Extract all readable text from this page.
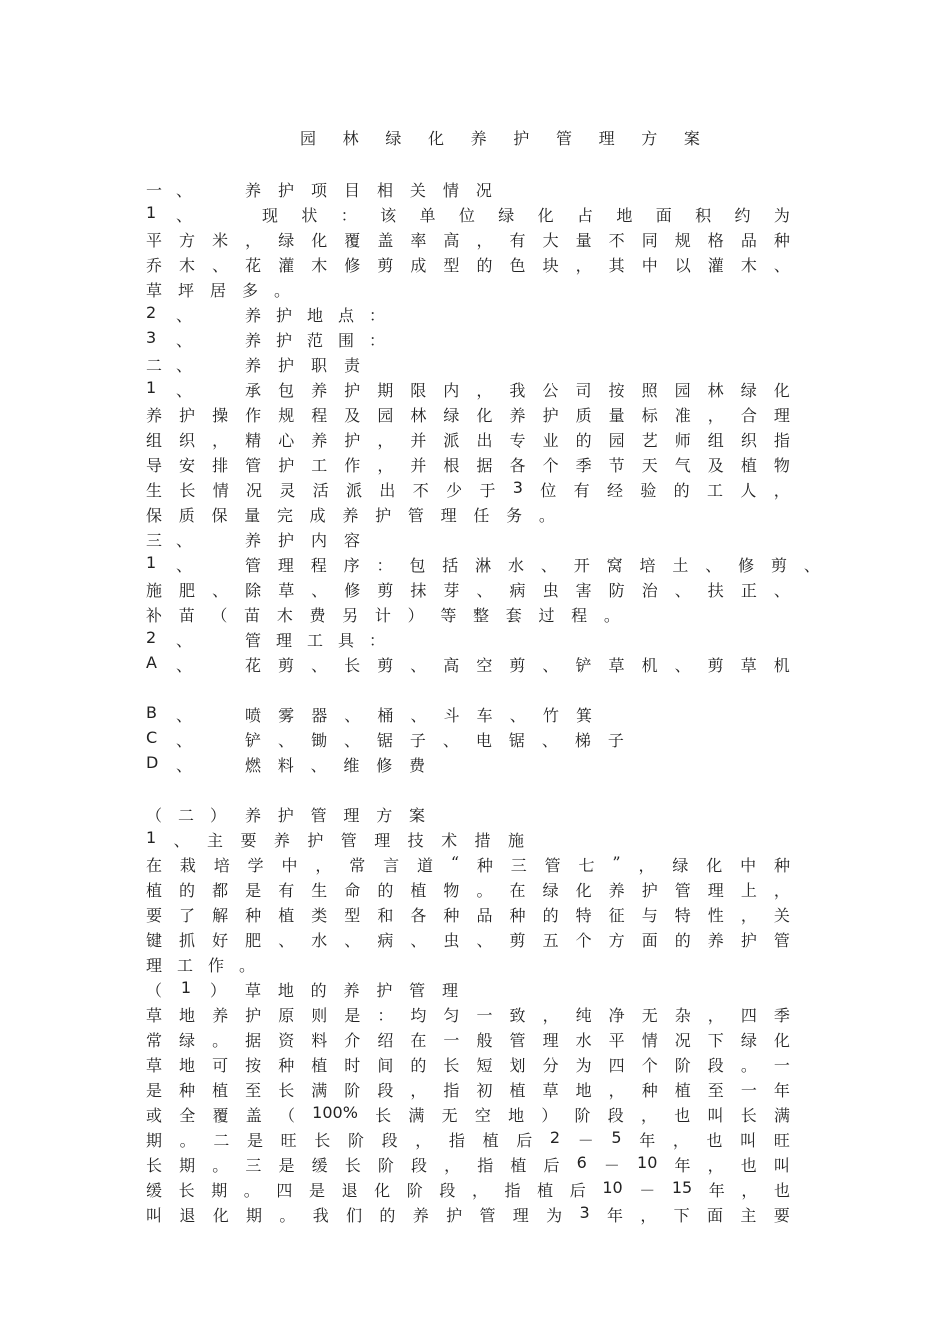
园 林 绿 化 养 护 管 理 方 案
一 、	养 护 项 目 相 关 情 况
1 、	现 状 ： 该 单 位 绿 化 占 地 面 积 约 为
平 方 米 ， 绿 化 覆 盖 率 高 ， 有 大 量 不 同 规 格 品 种
乔 木 、 花 灌 木 修 剪 成 型 的 色 块 ， 其 中 以 灌 木 、
草 坪 居 多 。
2 、	养 护 地 点 ：
3 、	养 护 范 围 ：
二 、	养 护 职 责
1 、	承 包 养 护 期 限 内 ， 我 公 司 按 照 园 林 绿 化
养 护 操 作 规 程 及 园 林 绿 化 养 护 质 量 标 准 ， 合 理
组 织 ， 精 心 养 护 ， 并 派 出 专 业 的 园 艺 师 组 织 指
导 安 排 管 护 工 作 ， 并 根 据 各 个 季 节 天 气 及 植 物
生 长 情 况 灵 活 派 出 不 少 于 3 位 有 经 验 的 工 人 ，
保 质 保 量 完 成 养 护 管 理 任 务 。
三 、	养 护 内 容
1 、	管 理 程 序 ： 包 括 淋 水 、 开 窝 培 土 、 修 剪 、
施 肥 、 除 草 、 修 剪 抹 芽 、 病 虫 害 防 治 、 扶 正 、
补 苗 （ 苗 木 费 另 计 ） 等 整 套 过 程 。
2 、	管 理 工 具 ：
A 、	花 剪 、 长 剪 、 高 空 剪 、 铲 草 机 、 剪 草 机
B 、	喷 雾 器 、 桶 、 斗 车 、 竹 箕
C 、	铲 、 锄 、 锯 子 、 电 锯 、 梯 子
D 、	燃 料 、 维 修 费
（ 二 ） 养 护 管 理 方 案
1 、 主 要 养 护 管 理 技 术 措 施
在 栽 培 学 中 ， 常 言 道 “ 种 三 管 七 ” ， 绿 化 中 种
植 的 都 是 有 生 命 的 植 物 。 在 绿 化 养 护 管 理 上 ，
要 了 解 种 植 类 型 和 各 种 品 种 的 特 征 与 特 性 ， 关
键 抓 好 肥 、 水 、 病 、 虫 、 剪 五 个 方 面 的 养 护 管
理 工 作 。
（ 1 ） 草 地 的 养 护 管 理
草 地 养 护 原 则 是 ： 均 匀 一 致 ， 纯 净 无 杂 ， 四 季
常 绿 。 据 资 料 介 绍 在 一 般 管 理 水 平 情 况 下 绿 化
草 地 可 按 种 植 时 间 的 长 短 划 分 为 四 个 阶 段 。 一
是 种 植 至 长 满 阶 段 ， 指 初 植 草 地 ， 种 植 至 一 年
或 全 覆 盖 （ 100% 长 满 无 空 地 ） 阶 段 ， 也 叫 长 满
期 。 二 是 旺 长 阶 段 ， 指 植 后 2 － 5 年 ， 也 叫 旺
长 期 。 三 是 缓 长 阶 段 ， 指 植 后 6 － 10 年 ， 也 叫
缓 长 期 。 四 是 退 化 阶 段 ， 指 植 后 10 － 15 年 ， 也
叫 退 化 期 。 我 们 的 养 护 管 理 为 3 年 ， 下 面 主 要
